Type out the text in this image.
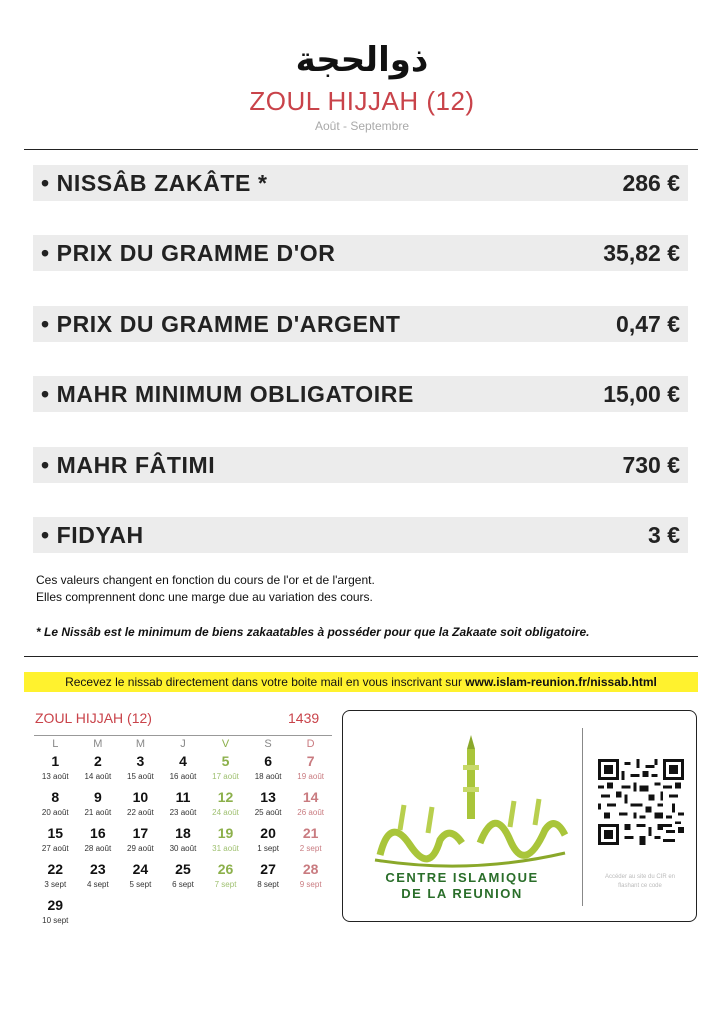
ذوالحجة
ZOUL HIJJAH (12)
Août - Septembre
• NISSÂB ZAKÂTE *	286 €
• PRIX DU GRAMME D'OR	35,82 €
• PRIX DU GRAMME D'ARGENT	0,47 €
• MAHR MINIMUM OBLIGATOIRE	15,00 €
• MAHR FÂTIMI	730 €
• FIDYAH	3 €
Ces valeurs changent en fonction du cours de l'or et de l'argent.
Elles comprennent donc une marge due au variation des cours.
* Le Nissâb est le minimum de biens zakaatables à posséder pour que la Zakaate soit obligatoire.
Recevez le nissab directement dans votre boite mail en vous inscrivant sur www.islam-reunion.fr/nissab.html
ZOUL HIJJAH (12)	1439
L	M	M	J	V	S	D
1	2	3	4	5	6	7
13 août	14 août	15 août	16 août	17 août	18 août	19 août
8	9	10	11	12	13	14
20 août	21 août	22 août	23 août	24 août	25 août	26 août
15	16	17	18	19	20	21
27 août	28 août	29 août	30 août	31 août	1 sept	2 sept
22	23	24	25	26	27	28
3 sept	4 sept	5 sept	6 sept	7 sept	8 sept	9 sept
29
10 sept
CENTRE ISLAMIQUE
DE LA REUNION
Accéder au site du CIR en flashant ce code
